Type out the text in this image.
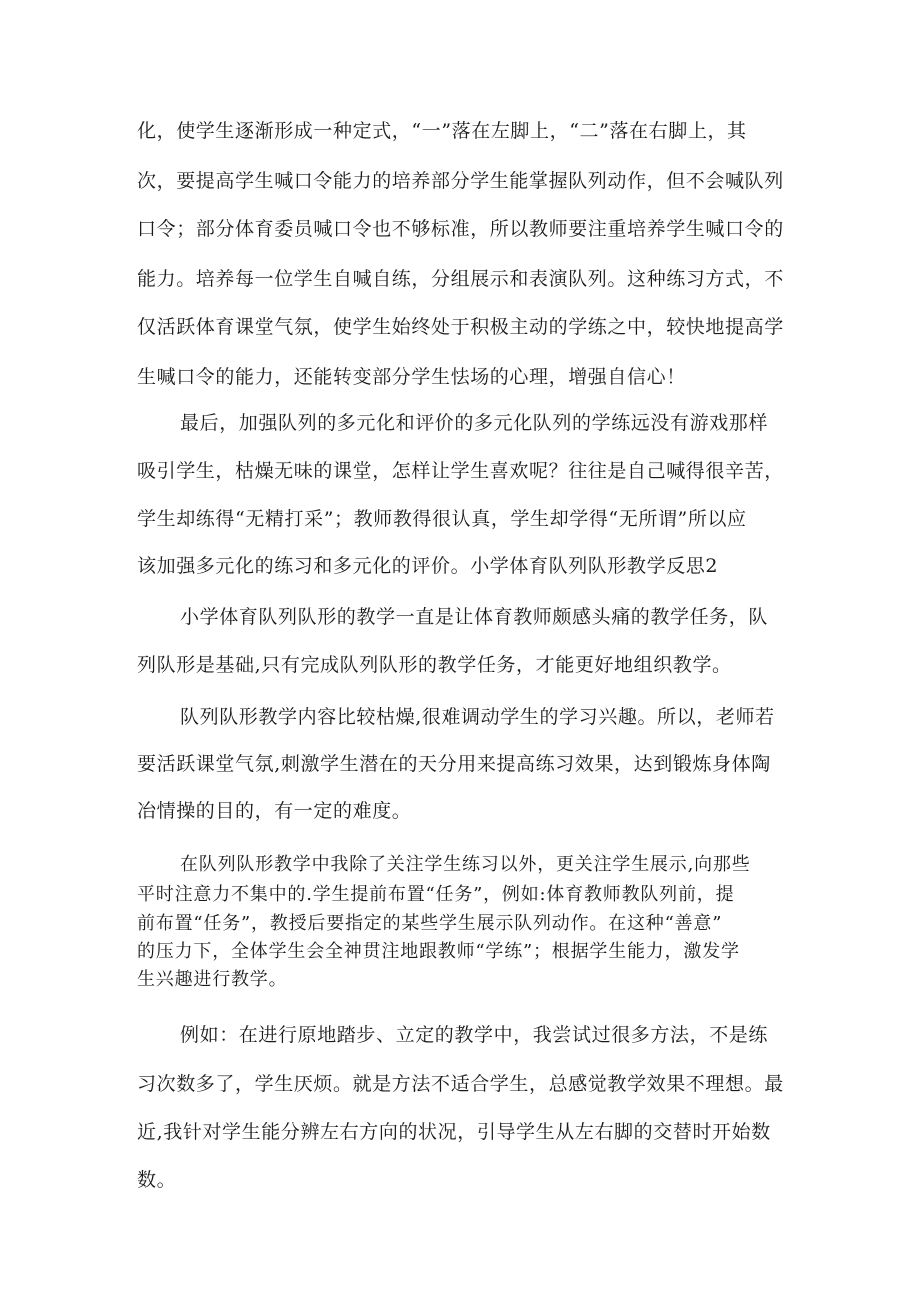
化，使学生逐渐形成一种定式，“一”落在左脚上，“二”落在右脚上，其
次，要提高学生喊口令能力的培养部分学生能掌握队列动作，但不会喊队列
口令；部分体育委员喊口令也不够标准，所以教师要注重培养学生喊口令的
能力。培养每一位学生自喊自练，分组展示和表演队列。这种练习方式，不
仅活跃体育课堂气氛，使学生始终处于积极主动的学练之中，较快地提高学
生喊口令的能力，还能转变部分学生怯场的心理，增强自信心！
最后，加强队列的多元化和评价的多元化队列的学练远没有游戏那样
吸引学生，枯燥无味的课堂，怎样让学生喜欢呢？往往是自己喊得很辛苦，
学生却练得“无精打采”；教师教得很认真，学生却学得“无所谓”所以应
该加强多元化的练习和多元化的评价。小学体育队列队形教学反思2
小学体育队列队形的教学一直是让体育教师颇感头痛的教学任务，队
列队形是基础,只有完成队列队形的教学任务，才能更好地组织教学。
队列队形教学内容比较枯燥,很难调动学生的学习兴趣。所以，老师若
要活跃课堂气氛,刺激学生潜在的天分用来提高练习效果，达到锻炼身体陶
冶情操的目的，有一定的难度。
在队列队形教学中我除了关注学生练习以外，更关注学生展示,向那些
平时注意力不集中的.学生提前布置“任务”，例如:体育教师教队列前，提
前布置“任务”，教授后要指定的某些学生展示队列动作。在这种“善意”
的压力下，全体学生会全神贯注地跟教师“学练”；根据学生能力，激发学
生兴趣进行教学。
例如：在进行原地踏步、立定的教学中，我尝试过很多方法，不是练
习次数多了，学生厌烦。就是方法不适合学生，总感觉教学效果不理想。最
近,我针对学生能分辨左右方向的状况，引导学生从左右脚的交替时开始数
数。
